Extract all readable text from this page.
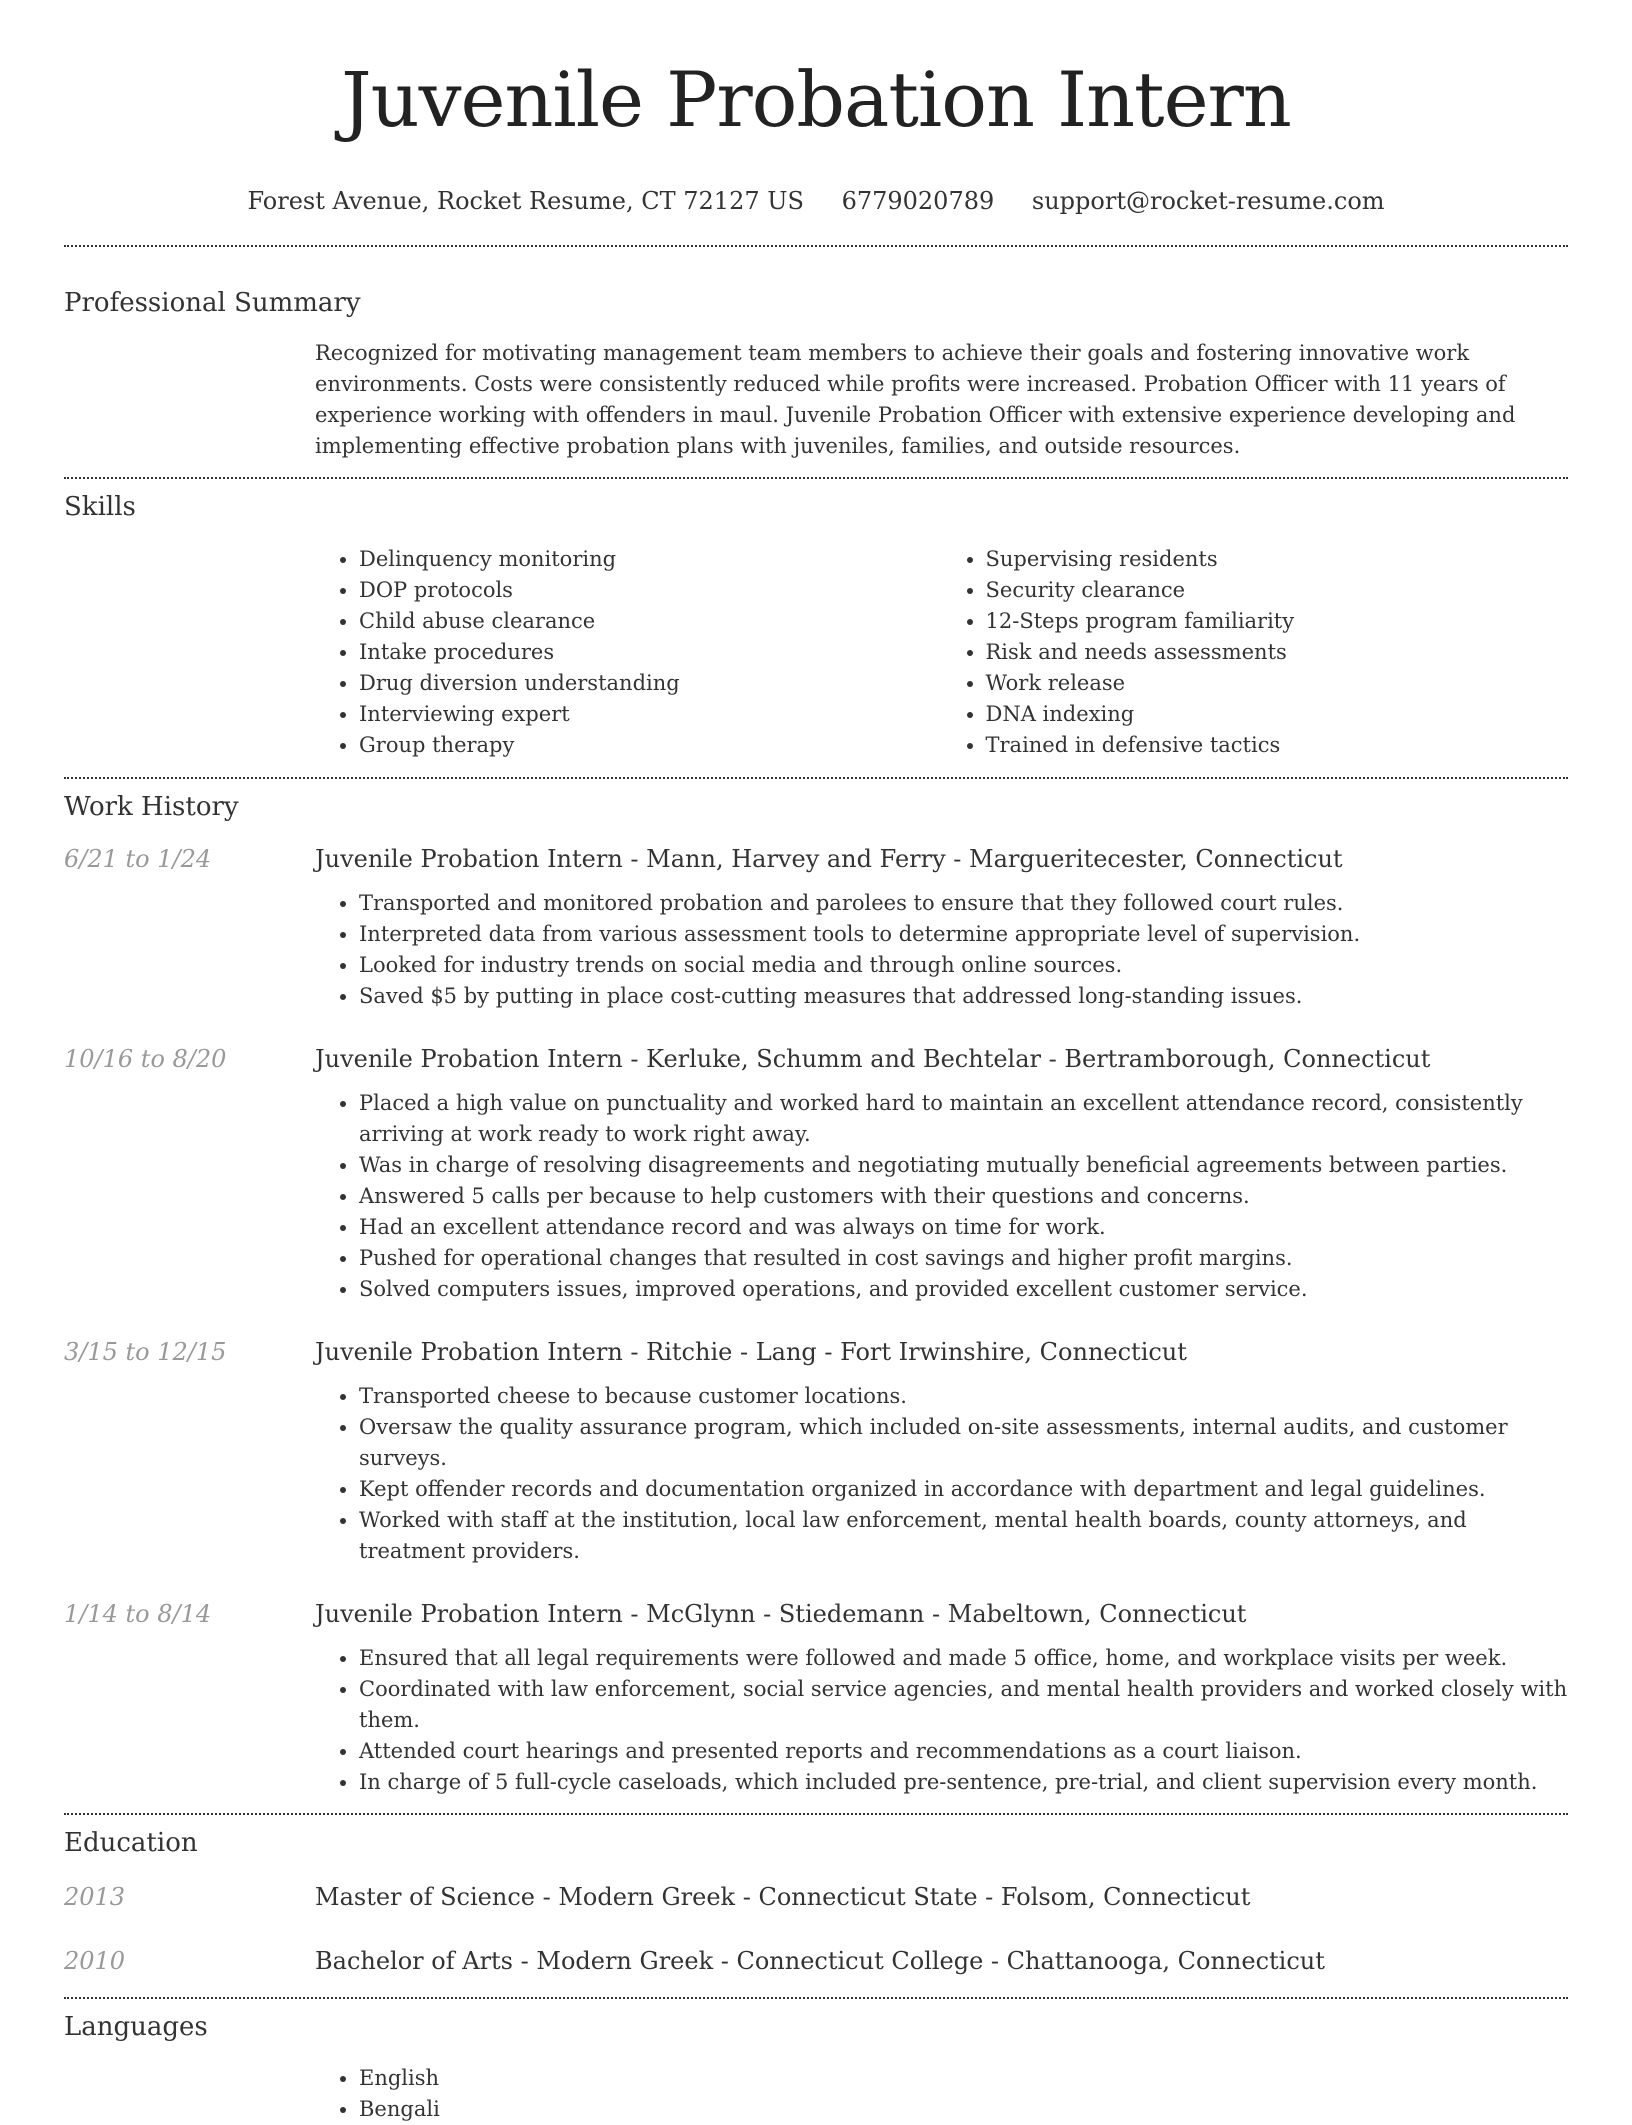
Juvenile Probation Intern
Forest Avenue, Rocket Resume, CT 72127 US 6779020789 support@rocket-resume.com
Professional Summary
Recognized for motivating management team members to achieve their goals and fostering innovative work environments. Costs were consistently reduced while profits were increased. Probation Officer with 11 years of experience working with offenders in maul. Juvenile Probation Officer with extensive experience developing and implementing effective probation plans with juveniles, families, and outside resources.
Skills
• Delinquency monitoring
• DOP protocols
• Child abuse clearance
• Intake procedures
• Drug diversion understanding
• Interviewing expert
• Group therapy
• Supervising residents
• Security clearance
• 12-Steps program familiarity
• Risk and needs assessments
• Work release
• DNA indexing
• Trained in defensive tactics
Work History
6/21 to 1/24	Juvenile Probation Intern - Mann, Harvey and Ferry - Margueritecester, Connecticut
• Transported and monitored probation and parolees to ensure that they followed court rules.
• Interpreted data from various assessment tools to determine appropriate level of supervision.
• Looked for industry trends on social media and through online sources.
• Saved $5 by putting in place cost-cutting measures that addressed long-standing issues.
10/16 to 8/20	Juvenile Probation Intern - Kerluke, Schumm and Bechtelar - Bertramborough, Connecticut
• Placed a high value on punctuality and worked hard to maintain an excellent attendance record, consistently arriving at work ready to work right away.
• Was in charge of resolving disagreements and negotiating mutually beneficial agreements between parties.
• Answered 5 calls per because to help customers with their questions and concerns.
• Had an excellent attendance record and was always on time for work.
• Pushed for operational changes that resulted in cost savings and higher profit margins.
• Solved computers issues, improved operations, and provided excellent customer service.
3/15 to 12/15	Juvenile Probation Intern - Ritchie - Lang - Fort Irwinshire, Connecticut
• Transported cheese to because customer locations.
• Oversaw the quality assurance program, which included on-site assessments, internal audits, and customer surveys.
• Kept offender records and documentation organized in accordance with department and legal guidelines.
• Worked with staff at the institution, local law enforcement, mental health boards, county attorneys, and treatment providers.
1/14 to 8/14	Juvenile Probation Intern - McGlynn - Stiedemann - Mabeltown, Connecticut
• Ensured that all legal requirements were followed and made 5 office, home, and workplace visits per week.
• Coordinated with law enforcement, social service agencies, and mental health providers and worked closely with them.
• Attended court hearings and presented reports and recommendations as a court liaison.
• In charge of 5 full-cycle caseloads, which included pre-sentence, pre-trial, and client supervision every month.
Education
2013	Master of Science - Modern Greek - Connecticut State - Folsom, Connecticut
2010	Bachelor of Arts - Modern Greek - Connecticut College - Chattanooga, Connecticut
Languages
• English
• Bengali
